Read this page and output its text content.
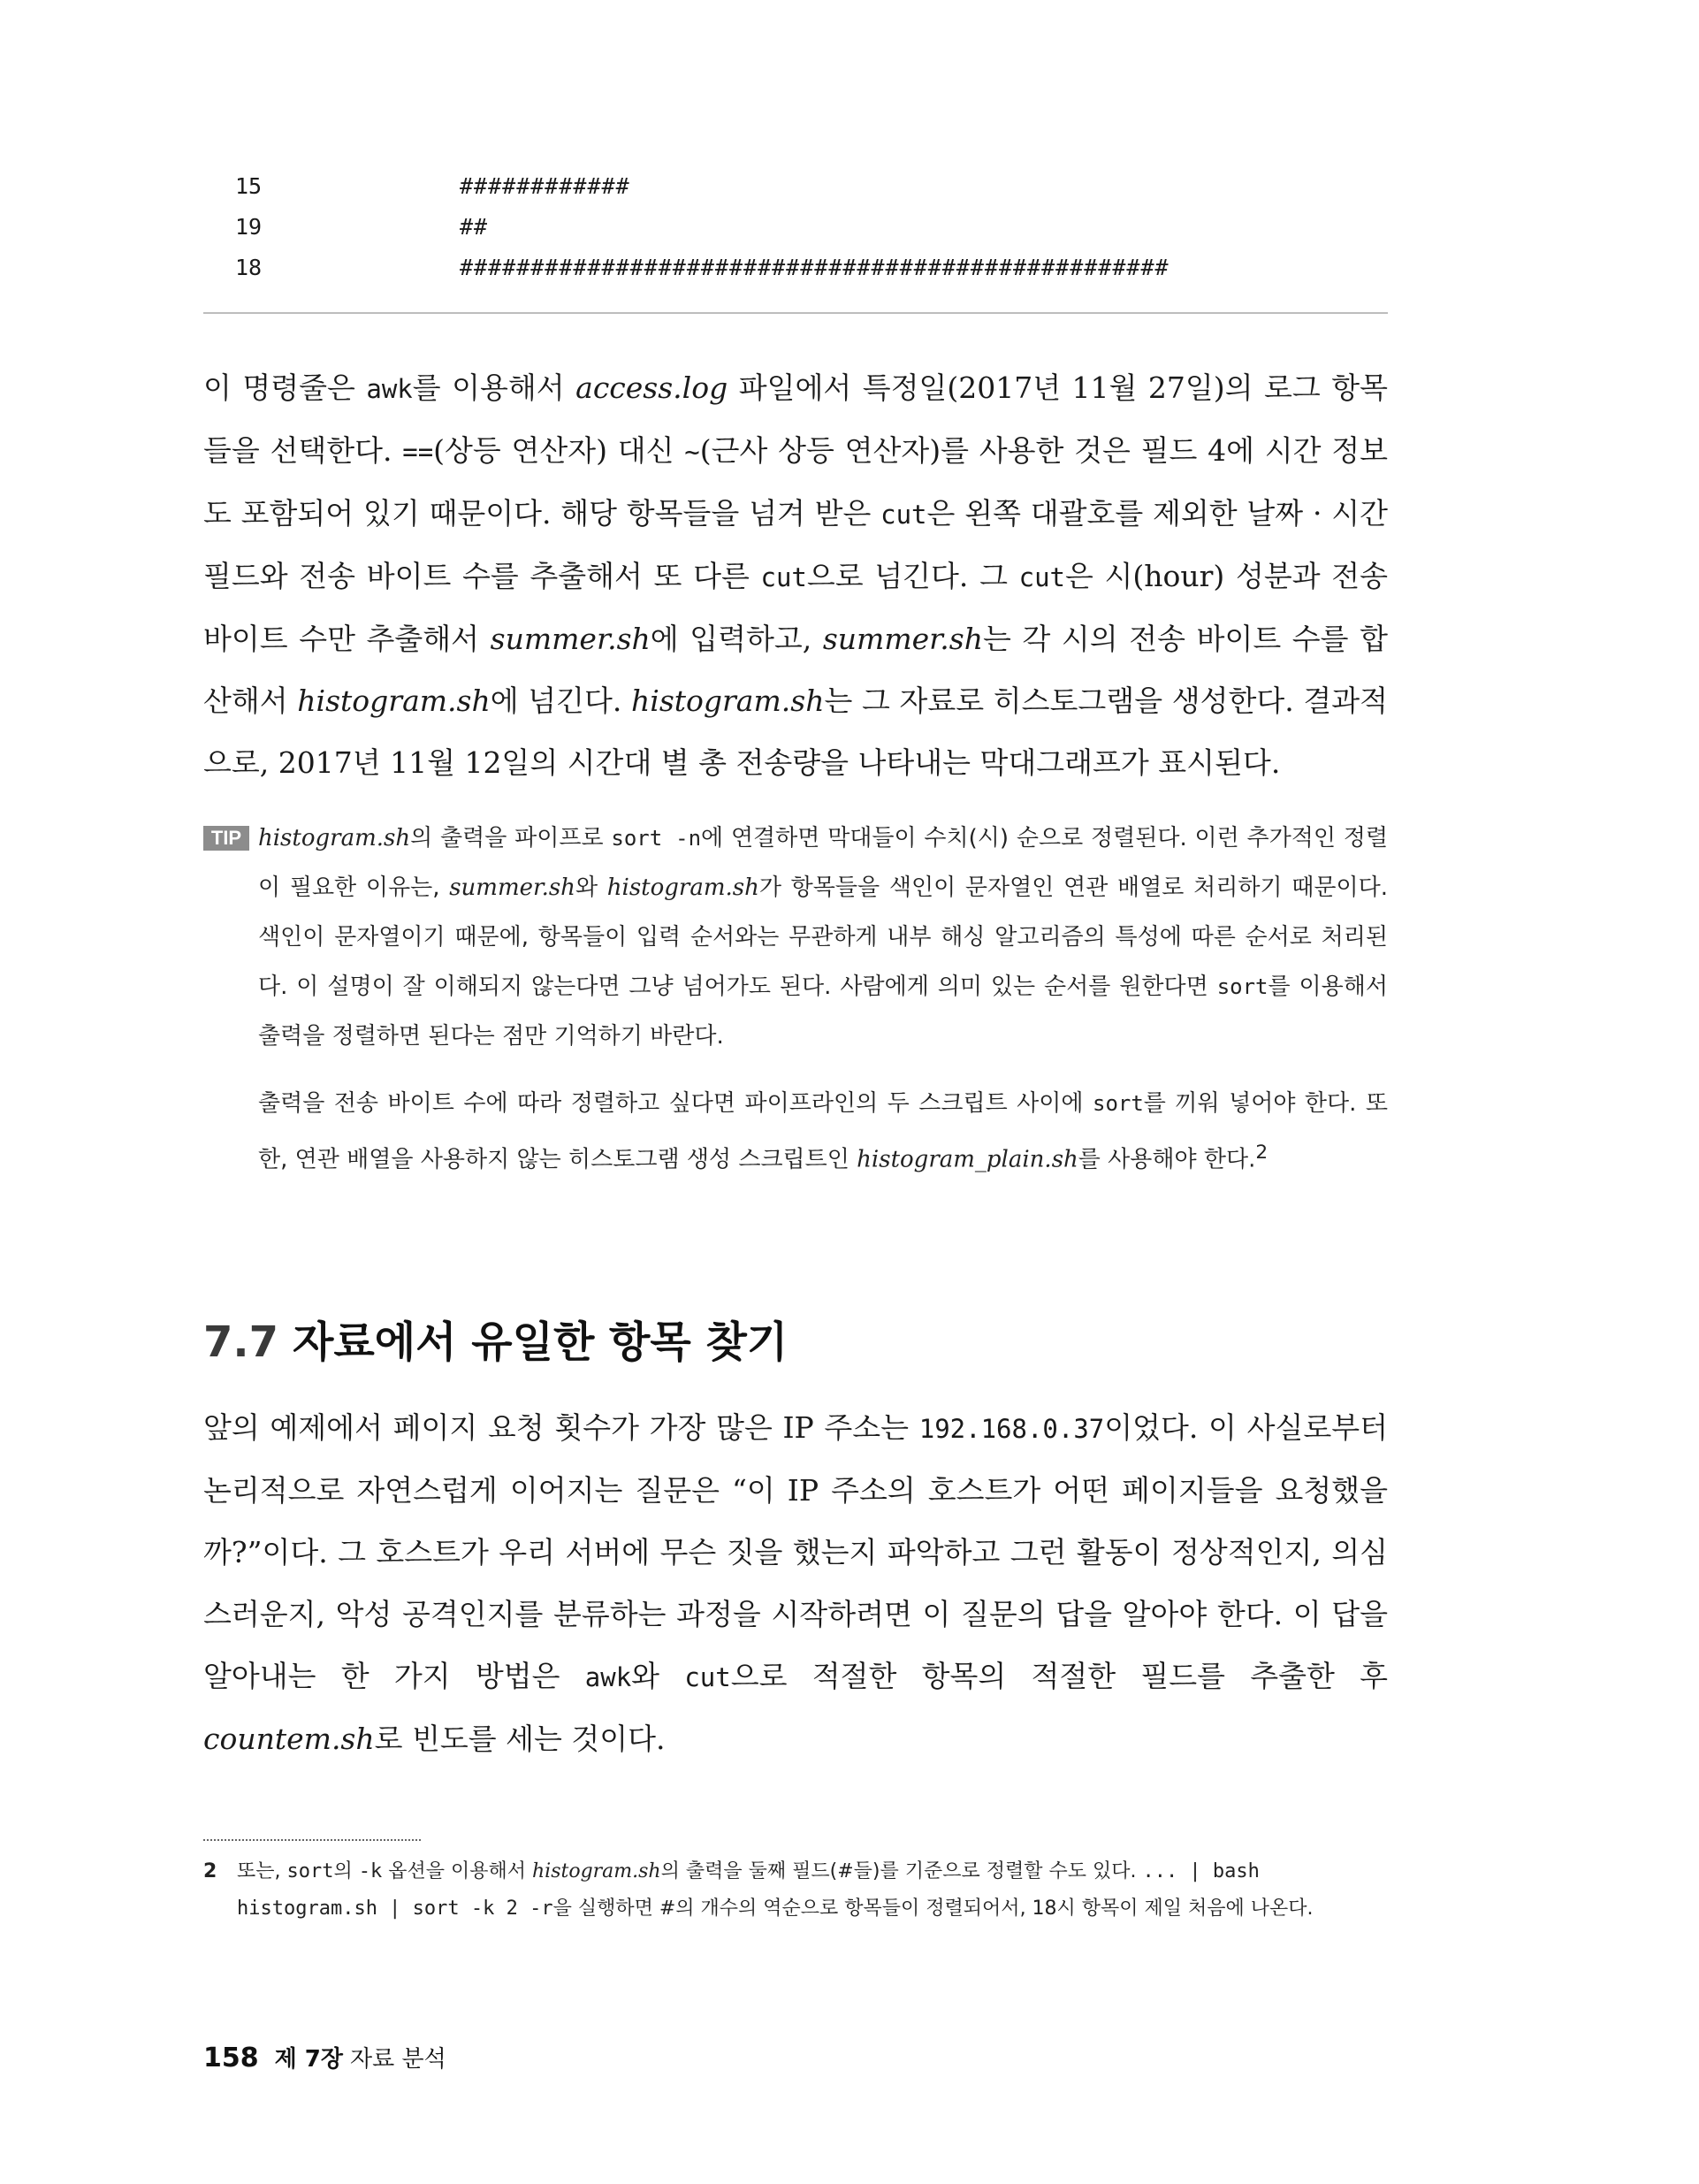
15	############
19	##
18	##################################################
이 명령줄은 awk를 이용해서 access.log 파일에서 특정일(2017년 11월 27일)의 로그 항목들을 선택한다. ==(상등 연산자) 대신 ~(근사 상등 연산자)를 사용한 것은 필드 4에 시간 정보도 포함되어 있기 때문이다. 해당 항목들을 넘겨 받은 cut은 왼쪽 대괄호를 제외한 날짜 · 시간 필드와 전송 바이트 수를 추출해서 또 다른 cut으로 넘긴다. 그 cut은 시(hour) 성분과 전송 바이트 수만 추출해서 summer.sh에 입력하고, summer.sh는 각 시의 전송 바이트 수를 합산해서 histogram.sh에 넘긴다. histogram.sh는 그 자료로 히스토그램을 생성한다. 결과적으로, 2017년 11월 12일의 시간대 별 총 전송량을 나타내는 막대그래프가 표시된다.
TIP histogram.sh의 출력을 파이프로 sort -n에 연결하면 막대들이 수치(시) 순으로 정렬된다. 이런 추가적인 정렬이 필요한 이유는, summer.sh와 histogram.sh가 항목들을 색인이 문자열인 연관 배열로 처리하기 때문이다. 색인이 문자열이기 때문에, 항목들이 입력 순서와는 무관하게 내부 해싱 알고리즘의 특성에 따른 순서로 처리된다. 이 설명이 잘 이해되지 않는다면 그냥 넘어가도 된다. 사람에게 의미 있는 순서를 원한다면 sort를 이용해서 출력을 정렬하면 된다는 점만 기억하기 바란다.
출력을 전송 바이트 수에 따라 정렬하고 싶다면 파이프라인의 두 스크립트 사이에 sort를 끼워 넣어야 한다. 또한, 연관 배열을 사용하지 않는 히스토그램 생성 스크립트인 histogram_plain.sh를 사용해야 한다.$^2$
7.7 자료에서 유일한 항목 찾기
앞의 예제에서 페이지 요청 횟수가 가장 많은 IP 주소는 192.168.0.37이었다. 이 사실로부터 논리적으로 자연스럽게 이어지는 질문은 “이 IP 주소의 호스트가 어떤 페이지들을 요청했을까?”이다. 그 호스트가 우리 서버에 무슨 짓을 했는지 파악하고 그런 활동이 정상적인지, 의심스러운지, 악성 공격인지를 분류하는 과정을 시작하려면 이 질문의 답을 알아야 한다. 이 답을 알아내는 한 가지 방법은 awk와 cut으로 적절한 항목의 적절한 필드를 추출한 후 countem.sh로 빈도를 세는 것이다.
2 또는, sort의 -k 옵션을 이용해서 histogram.sh의 출력을 둘째 필드(#들)를 기준으로 정렬할 수도 있다. ... | bash histogram.sh | sort -k 2 -r을 실행하면 #의 개수의 역순으로 항목들이 정렬되어서, 18시 항목이 제일 처음에 나온다.
158 제 7장 자료 분석
